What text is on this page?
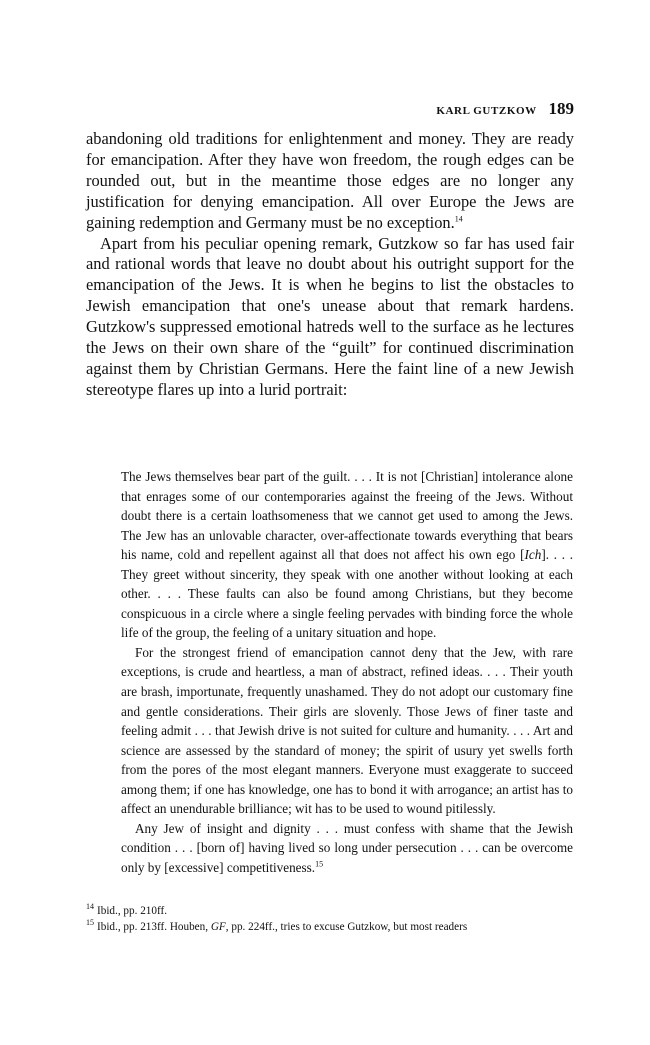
KARL GUTZKOW 189

abandoning old traditions for enlightenment and money. They are ready for emancipation. After they have won freedom, the rough edges can be rounded out, but in the meantime those edges are no longer any justification for denying emancipation. All over Europe the Jews are gaining redemption and Germany must be no exception.$^{14}$

Apart from his peculiar opening remark, Gutzkow so far has used fair and rational words that leave no doubt about his outright support for the emancipation of the Jews. It is when he begins to list the obstacles to Jewish emancipation that one's unease about that remark hardens. Gutzkow's suppressed emotional hatreds well to the surface as he lectures the Jews on their own share of the “guilt” for continued discrimination against them by Christian Germans. Here the faint line of a new Jewish stereotype flares up into a lurid portrait:

The Jews themselves bear part of the guilt. . . . It is not [Christian] intolerance alone that enrages some of our contemporaries against the freeing of the Jews. Without doubt there is a certain loathsomeness that we cannot get used to among the Jews. The Jew has an unlovable character, over-affectionate towards everything that bears his name, cold and repellent against all that does not affect his own ego [Ich]. . . . They greet without sincerity, they speak with one another without looking at each other. . . . These faults can also be found among Christians, but they become conspicuous in a circle where a single feeling pervades with binding force the whole life of the group, the feeling of a unitary situation and hope.

For the strongest friend of emancipation cannot deny that the Jew, with rare exceptions, is crude and heartless, a man of abstract, refined ideas. . . . Their youth are brash, importunate, frequently unashamed. They do not adopt our customary fine and gentle considerations. Their girls are slovenly. Those Jews of finer taste and feeling admit . . . that Jewish drive is not suited for culture and humanity. . . . Art and science are assessed by the standard of money; the spirit of usury yet swells forth from the pores of the most elegant manners. Everyone must exaggerate to succeed among them; if one has knowledge, one has to bond it with arrogance; an artist has to affect an unendurable brilliance; wit has to be used to wound pitilessly.

Any Jew of insight and dignity . . . must confess with shame that the Jewish condition . . . [born of] having lived so long under persecution . . . can be overcome only by [excessive] competitiveness.$^{15}$

$^{14}$ Ibid., pp. 210ff.

$^{15}$ Ibid., pp. 213ff. Houben, GF, pp. 224ff., tries to excuse Gutzkow, but most readers
